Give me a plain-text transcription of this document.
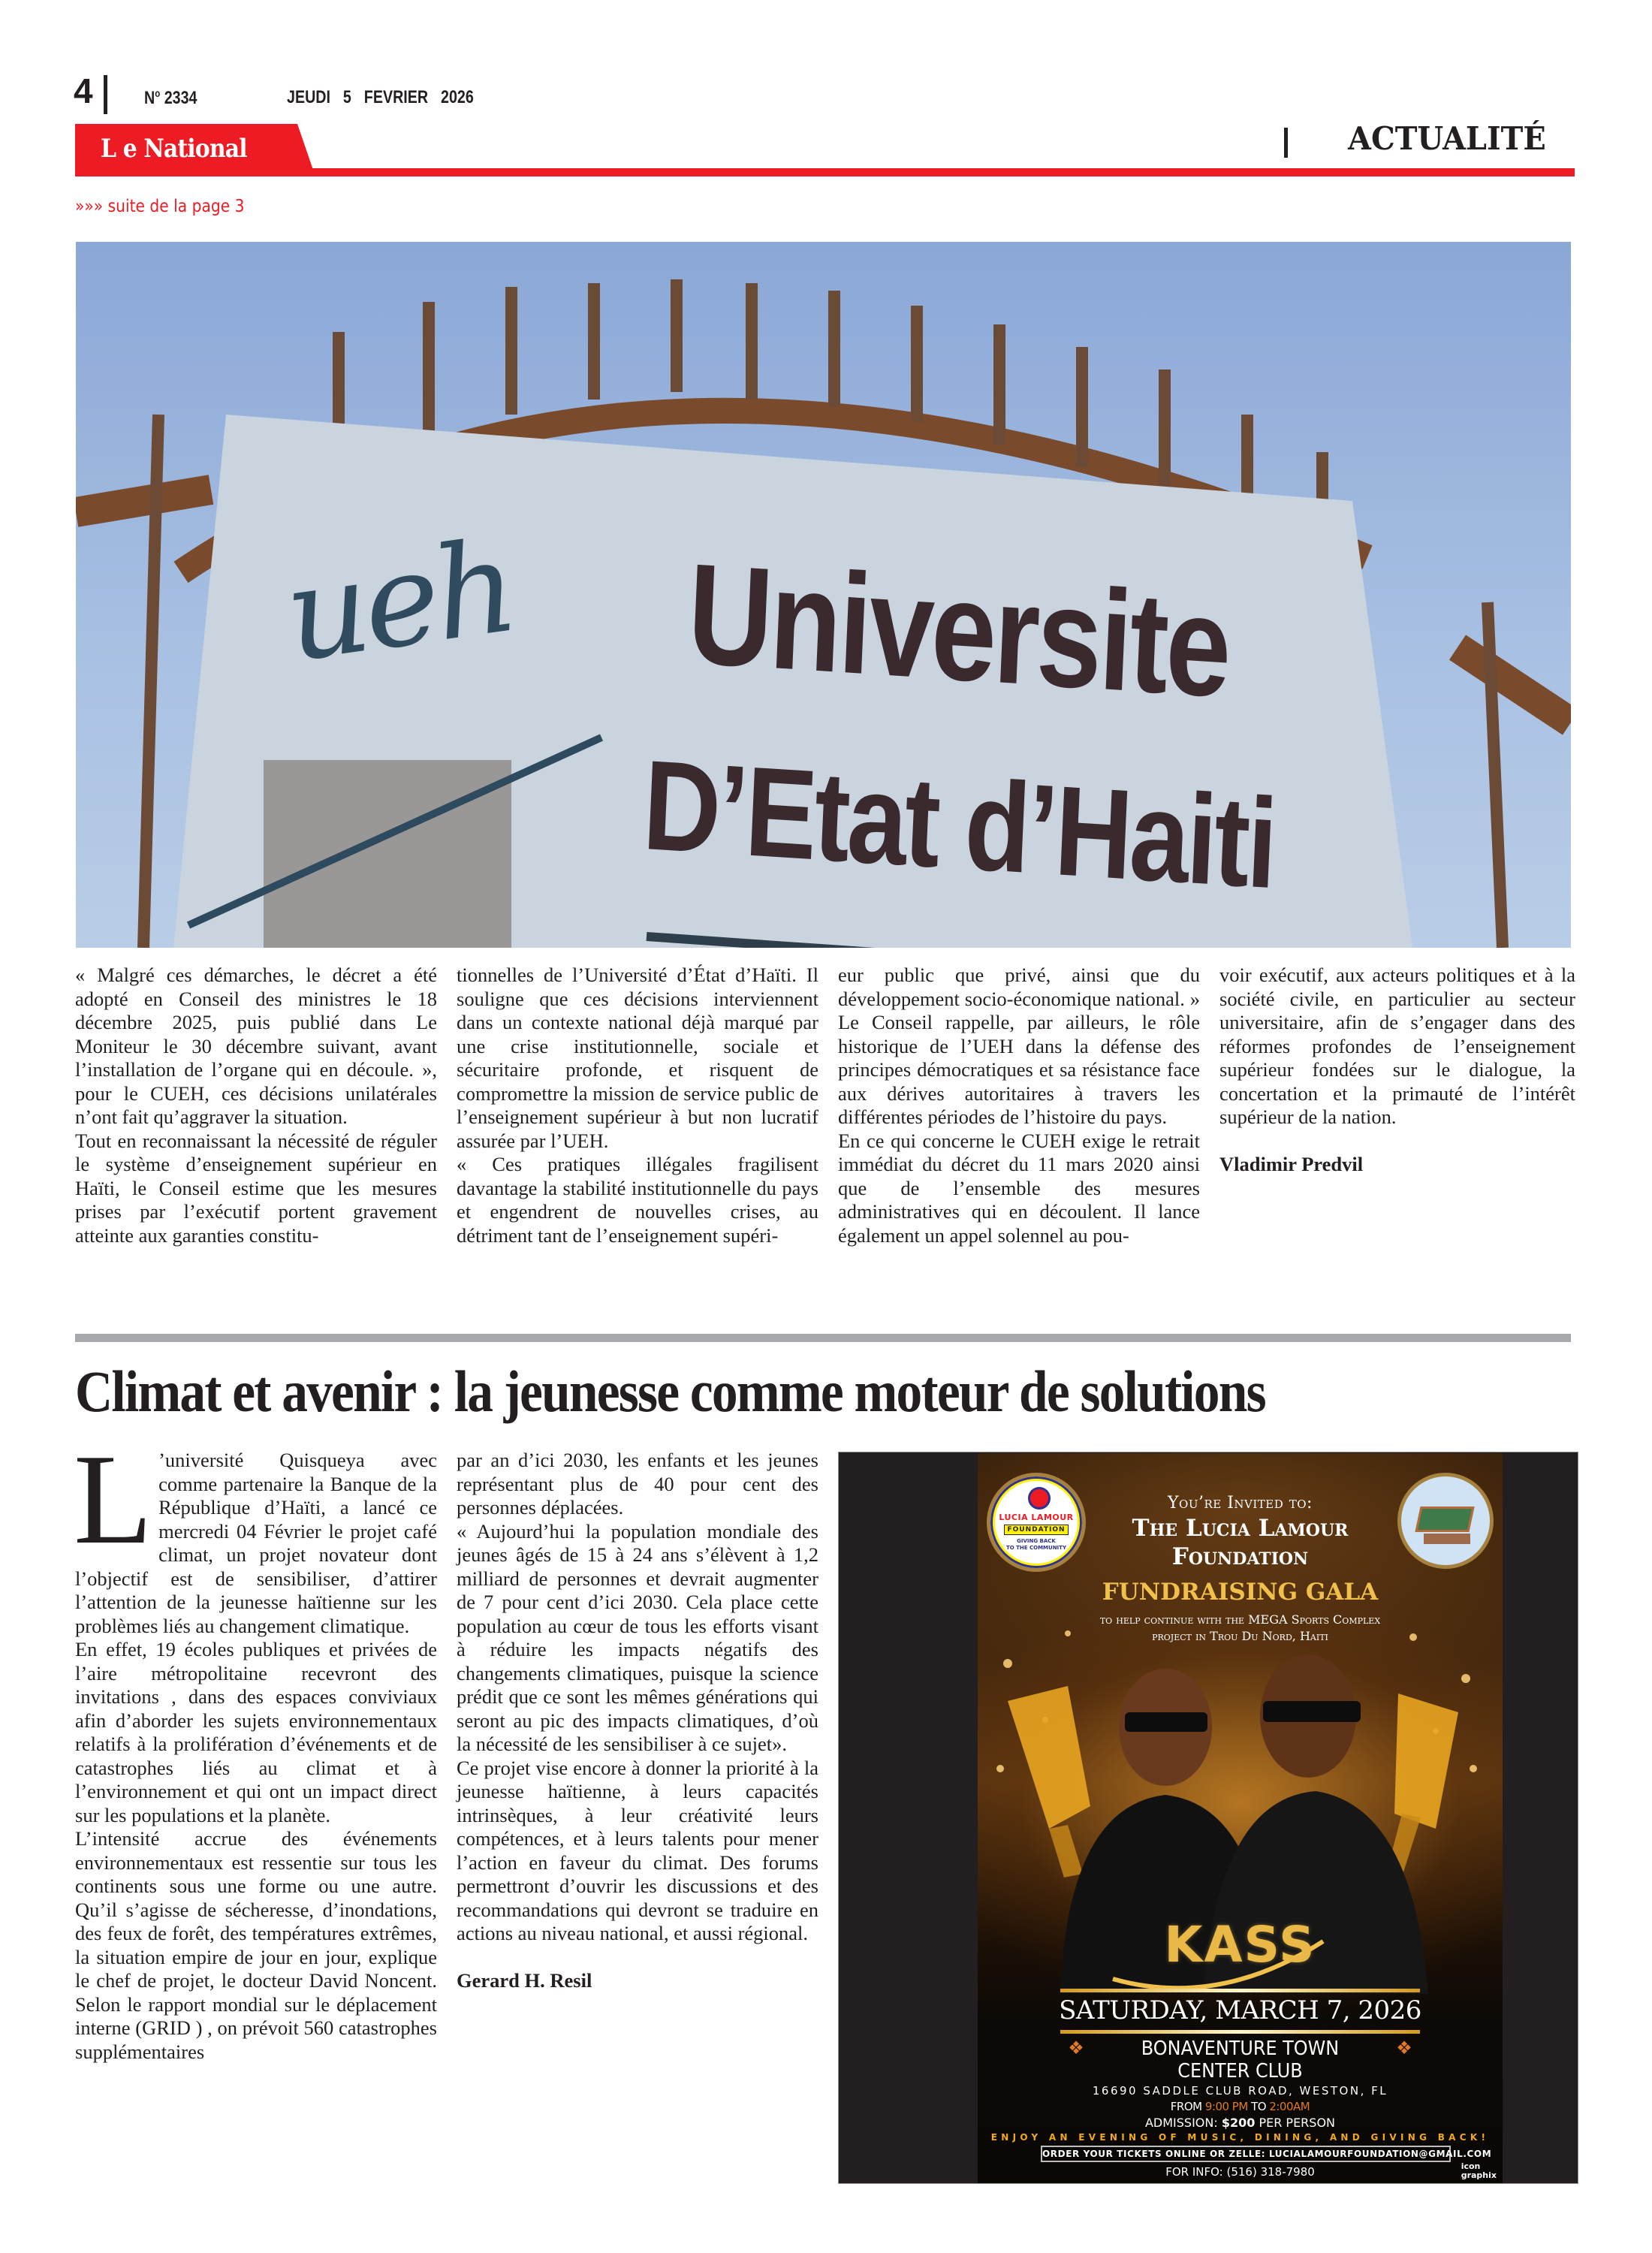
4	$N^o$ 2334	JEUDI 5 FEVRIER 2026
L e National	ACTUALITÉ
»»» suite de la page 3
ueh Universite
D’Etat d’Haiti

« Malgré ces démarches, le décret a été adopté en Conseil des ministres le 18 décembre 2025, puis publié dans Le Moniteur le 30 décembre suivant, avant l’installation de l’organe qui en découle. », pour le CUEH, ces décisions unilatérales n’ont fait qu’aggraver la situation.

Tout en reconnaissant la nécessité de réguler le système d’enseignement supérieur en Haïti, le Conseil estime que les mesures prises par l’exécutif portent gravement atteinte aux garanties constitu-

tionnelles de l’Université d’État d’Haïti. Il souligne que ces décisions interviennent dans un contexte national déjà marqué par une crise institutionnelle, sociale et sécuritaire profonde, et risquent de compromettre la mission de service public de l’enseignement supérieur à but non lucratif assurée par l’UEH.

« Ces pratiques illégales fragilisent davantage la stabilité institutionnelle du pays et engendrent de nouvelles crises, au détriment tant de l’enseignement supéri-

eur public que privé, ainsi que du développement socio-économique national. » Le Conseil rappelle, par ailleurs, le rôle historique de l’UEH dans la défense des principes démocratiques et sa résistance face aux dérives autoritaires à travers les différentes périodes de l’histoire du pays.

En ce qui concerne le CUEH exige le retrait immédiat du décret du 11 mars 2020 ainsi que de l’ensemble des mesures administratives qui en découlent. Il lance également un appel solennel au pou-

voir exécutif, aux acteurs politiques et à la société civile, en particulier au secteur universitaire, afin de s’engager dans des réformes profondes de l’enseignement supérieur fondées sur le dialogue, la concertation et la primauté de l’intérêt supérieur de la nation.

Vladimir Predvil

Climat et avenir : la jeunesse comme moteur de solutions

L ’université Quisqueya avec comme partenaire la Banque de la République d’Haïti, a lancé ce mercredi 04 Février le projet café climat, un projet novateur dont l’objectif est de sensibiliser, d’attirer l’attention de la jeunesse haïtienne sur les problèmes liés au changement climatique.

En effet, 19 écoles publiques et privées de l’aire métropolitaine recevront des invitations , dans des espaces conviviaux afin d’aborder les sujets environnementaux relatifs à la prolifération d’événements et de catastrophes liés au climat et à l’environnement et qui ont un impact direct sur les populations et la planète.

L’intensité accrue des événements environnementaux est ressentie sur tous les continents sous une forme ou une autre. Qu’il s’agisse de sécheresse, d’inondations, des feux de forêt, des températures extrêmes, la situation empire de jour en jour, explique le chef de projet, le docteur David Noncent. Selon le rapport mondial sur le déplacement interne (GRID ) , on prévoit 560 catastrophes supplémentaires

par an d’ici 2030, les enfants et les jeunes représentant plus de 40 pour cent des personnes déplacées.

« Aujourd’hui la population mondiale des jeunes âgés de 15 à 24 ans s’élèvent à 1,2 milliard de personnes et devrait augmenter de 7 pour cent d’ici 2030. Cela place cette population au cœur de tous les efforts visant à réduire les impacts négatifs des changements climatiques, puisque la science prédit que ce sont les mêmes générations qui seront au pic des impacts climatiques, d’où la nécessité de les sensibiliser à ce sujet».

Ce projet vise encore à donner la priorité à la jeunesse haïtienne, à leurs capacités intrinsèques, à leur créativité leurs compétences, et à leurs talents pour mener l’action en faveur du climat. Des forums permettront d’ouvrir les discussions et des recommandations qui devront se traduire en actions au niveau national, et aussi régional.

Gerard H. Resil

LUCIA LAMOUR
FOUNDATION
GIVING BACK
TO THE COMMUNITY
You’re Invited to:
The Lucia Lamour
Foundation
FUNDRAISING GALA
to help continue with the MEGA Sports Complex
project in Trou Du Nord, Haiti
KASS
SATURDAY, MARCH 7, 2026
❖	❖
BONAVENTURE TOWN
CENTER CLUB
16690 SADDLE CLUB ROAD, WESTON, FL
FROM 9:00 PM TO 2:00AM
ADMISSION: $200 PER PERSON
ENJOY AN EVENING OF MUSIC, DINING, AND GIVING BACK!
ORDER YOUR TICKETS ONLINE OR ZELLE: LUCIALAMOURFOUNDATION@GMAIL.COM
FOR INFO: (516) 318-7980	icon
graphix
